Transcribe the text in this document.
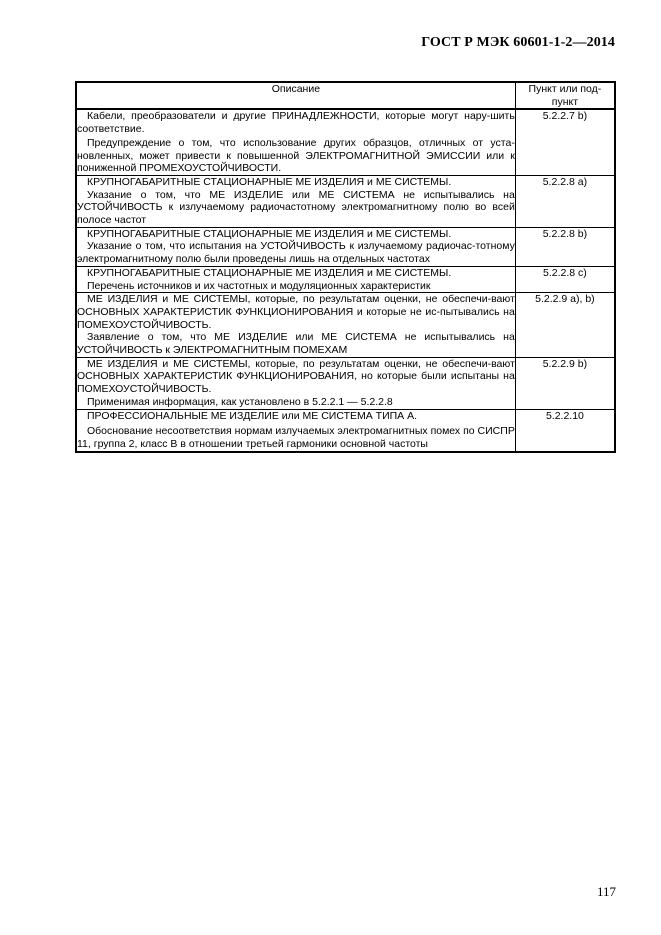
ГОСТ Р МЭК 60601-1-2—2014
Описание	Пункт или под-пункт

Кабели, преобразователи и другие ПРИНАДЛЕЖНОСТИ, которые могут нару-шить соответствие.
Предупреждение о том, что использование других образцов, отличных от уста-новленных, может привести к повышенной ЭЛЕКТРОМАГНИТНОЙ ЭМИССИИ или к пониженной ПРОМЕХОУСТОЙЧИВОСТИ.	5.2.2.7 b)

КРУПНОГАБАРИТНЫЕ СТАЦИОНАРНЫЕ МЕ ИЗДЕЛИЯ и МЕ СИСТЕМЫ.
Указание о том, что МЕ ИЗДЕЛИЕ или МЕ СИСТЕМА не испытывались на УСТОЙЧИВОСТЬ к излучаемому радиочастотному электромагнитному полю во всей полосе частот	5.2.2.8 a)

КРУПНОГАБАРИТНЫЕ СТАЦИОНАРНЫЕ МЕ ИЗДЕЛИЯ и МЕ СИСТЕМЫ.
Указание о том, что испытания на УСТОЙЧИВОСТЬ к излучаемому радиочас-тотному электромагнитному полю были проведены лишь на отдельных частотах	5.2.2.8 b)

КРУПНОГАБАРИТНЫЕ СТАЦИОНАРНЫЕ МЕ ИЗДЕЛИЯ и МЕ СИСТЕМЫ.
Перечень источников и их частотных и модуляционных характеристик	5.2.2.8 c)

МЕ ИЗДЕЛИЯ и МЕ СИСТЕМЫ, которые, по результатам оценки, не обеспечи-вают ОСНОВНЫХ ХАРАКТЕРИСТИК ФУНКЦИОНИРОВАНИЯ и которые не ис-пытывались на ПОМЕХОУСТОЙЧИВОСТЬ.
Заявление о том, что МЕ ИЗДЕЛИЕ или МЕ СИСТЕМА не испытывались на УСТОЙЧИВОСТЬ к ЭЛЕКТРОМАГНИТНЫМ ПОМЕХАМ	5.2.2.9 a), b)

МЕ ИЗДЕЛИЯ и МЕ СИСТЕМЫ, которые, по результатам оценки, не обеспечи-вают ОСНОВНЫХ ХАРАКТЕРИСТИК ФУНКЦИОНИРОВАНИЯ, но которые были испытаны на ПОМЕХОУСТОЙЧИВОСТЬ.
Применимая информация, как установлено в 5.2.2.1 — 5.2.2.8	5.2.2.9 b)

ПРОФЕССИОНАЛЬНЫЕ МЕ ИЗДЕЛИЕ или МЕ СИСТЕМА ТИПА А.
Обоснование несоответствия нормам излучаемых электромагнитных помех по СИСПР 11, группа 2, класс В в отношении третьей гармоники основной частоты	5.2.2.10
117
